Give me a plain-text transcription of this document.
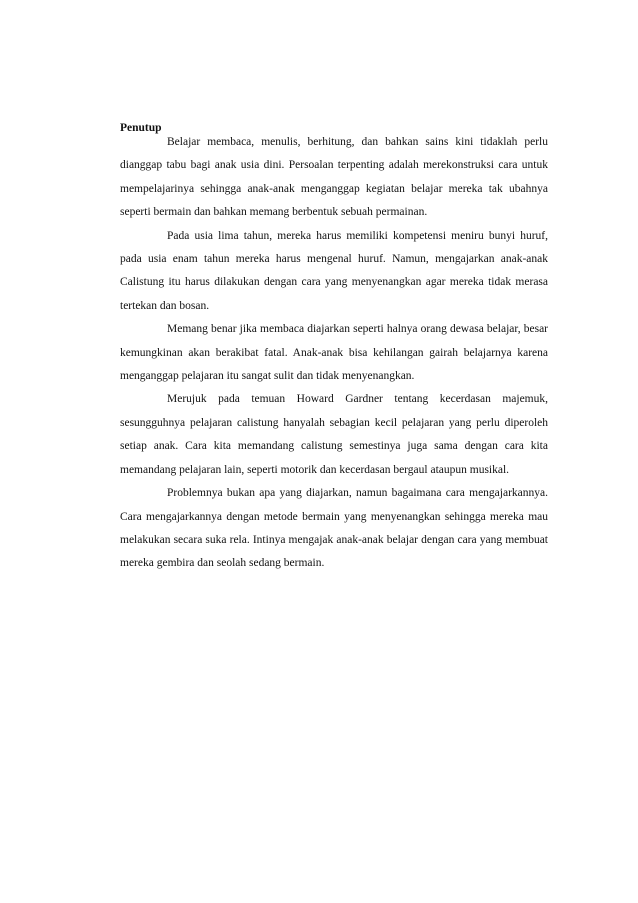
Penutup

Belajar membaca, menulis, berhitung, dan bahkan sains kini tidaklah perlu dianggap tabu bagi anak usia dini. Persoalan terpenting adalah merekonstruksi cara untuk mempelajarinya sehingga anak-anak menganggap kegiatan belajar mereka tak ubahnya seperti bermain dan bahkan memang berbentuk sebuah permainan.

Pada usia lima tahun, mereka harus memiliki kompetensi meniru bunyi huruf, pada usia enam tahun mereka harus mengenal huruf. Namun, mengajarkan anak-anak Calistung itu harus dilakukan dengan cara yang menyenangkan agar mereka tidak merasa tertekan dan bosan.

Memang benar jika membaca diajarkan seperti halnya orang dewasa belajar, besar kemungkinan akan berakibat fatal. Anak-anak bisa kehilangan gairah belajarnya karena menganggap pelajaran itu sangat sulit dan tidak menyenangkan.

Merujuk pada temuan Howard Gardner tentang kecerdasan majemuk, sesungguhnya pelajaran calistung hanyalah sebagian kecil pelajaran yang perlu diperoleh setiap anak. Cara kita memandang calistung semestinya juga sama dengan cara kita memandang pelajaran lain, seperti motorik dan kecerdasan bergaul ataupun musikal.

Problemnya bukan apa yang diajarkan, namun bagaimana cara mengajarkannya. Cara mengajarkannya dengan metode bermain yang menyenangkan sehingga mereka mau melakukan secara suka rela. Intinya mengajak anak-anak belajar dengan cara yang membuat mereka gembira dan seolah sedang bermain.
